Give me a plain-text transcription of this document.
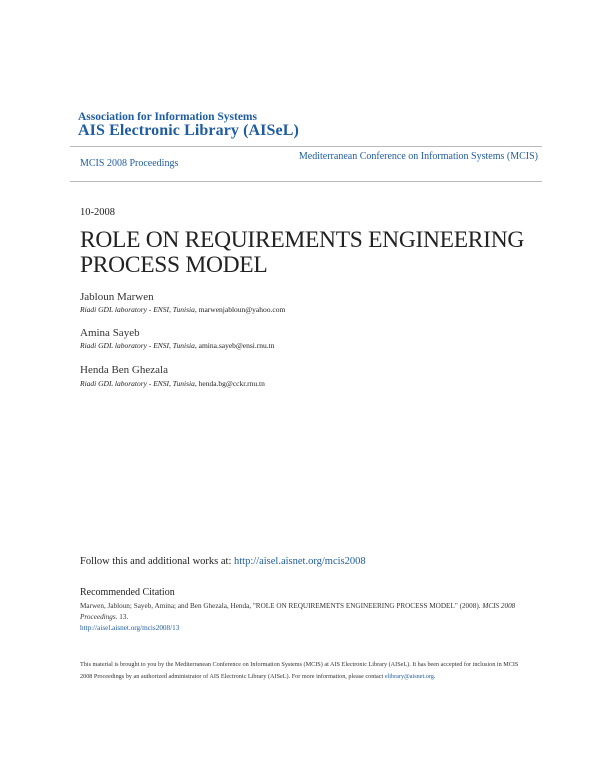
Association for Information Systems
AIS Electronic Library (AISeL)
MCIS 2008 Proceedings
Mediterranean Conference on Information Systems (MCIS)
10-2008
ROLE ON REQUIREMENTS ENGINEERING PROCESS MODEL
Jabloun Marwen
Riadi GDL laboratory - ENSI, Tunisia, marwenjabloun@yahoo.com
Amina Sayeb
Riadi GDL laboratory - ENSI, Tunisia, amina.sayeb@ensi.rnu.tn
Henda Ben Ghezala
Riadi GDL laboratory - ENSI, Tunisia, henda.bg@cckr.rnu.tn
Follow this and additional works at: http://aisel.aisnet.org/mcis2008
Recommended Citation
Marwen, Jabloun; Sayeb, Amina; and Ben Ghezala, Henda, "ROLE ON REQUIREMENTS ENGINEERING PROCESS MODEL" (2008). MCIS 2008 Proceedings. 13.
http://aisel.aisnet.org/mcis2008/13
This material is brought to you by the Mediterranean Conference on Information Systems (MCIS) at AIS Electronic Library (AISeL). It has been accepted for inclusion in MCIS 2008 Proceedings by an authorized administrator of AIS Electronic Library (AISeL). For more information, please contact elibrary@aisnet.org.
